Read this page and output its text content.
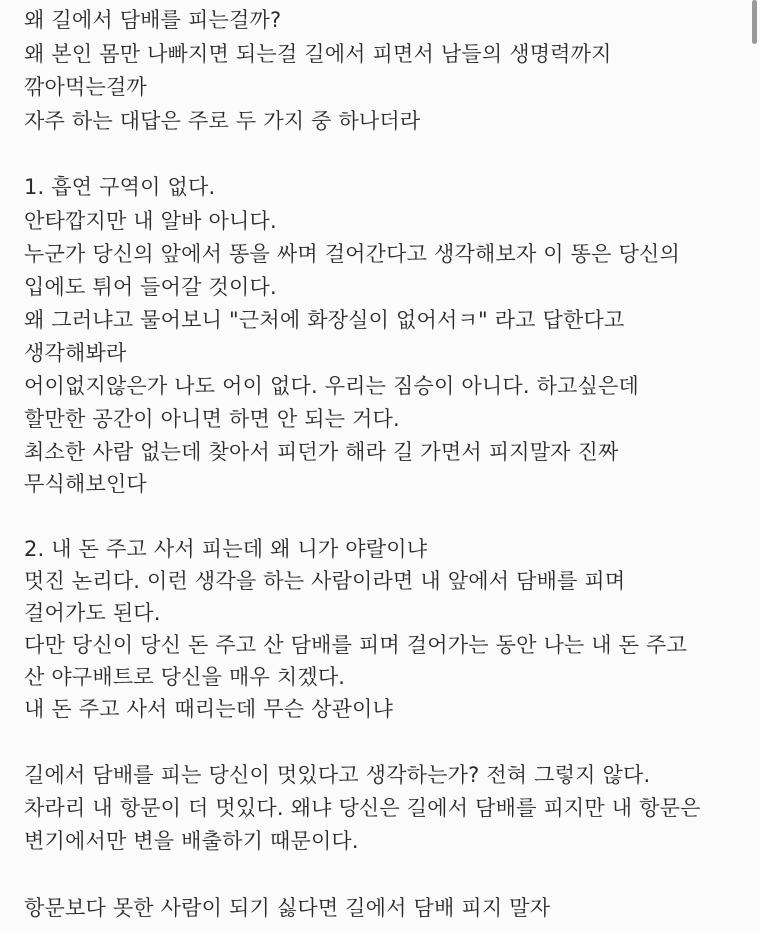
왜 길에서 담배를 피는걸까?
왜 본인 몸만 나빠지면 되는걸 길에서 피면서 남들의 생명력까지
깎아먹는걸까
자주 하는 대답은 주로 두 가지 중 하나더라
1. 흡연 구역이 없다.
안타깝지만 내 알바 아니다.
누군가 당신의 앞에서 똥을 싸며 걸어간다고 생각해보자 이 똥은 당신의
입에도 튀어 들어갈 것이다.
왜 그러냐고 물어보니 "근처에 화장실이 없어서ㅋ" 라고 답한다고
생각해봐라
어이없지않은가 나도 어이 없다. 우리는 짐승이 아니다. 하고싶은데
할만한 공간이 아니면 하면 안 되는 거다.
최소한 사람 없는데 찾아서 피던가 해라 길 가면서 피지말자 진짜
무식해보인다
2. 내 돈 주고 사서 피는데 왜 니가 야랄이냐
멋진 논리다. 이런 생각을 하는 사람이라면 내 앞에서 담배를 피며
걸어가도 된다.
다만 당신이 당신 돈 주고 산 담배를 피며 걸어가는 동안 나는 내 돈 주고
산 야구배트로 당신을 매우 치겠다.
내 돈 주고 사서 때리는데 무슨 상관이냐
길에서 담배를 피는 당신이 멋있다고 생각하는가? 전혀 그렇지 않다.
차라리 내 항문이 더 멋있다. 왜냐 당신은 길에서 담배를 피지만 내 항문은
변기에서만 변을 배출하기 때문이다.
항문보다 못한 사람이 되기 싫다면 길에서 담배 피지 말자
